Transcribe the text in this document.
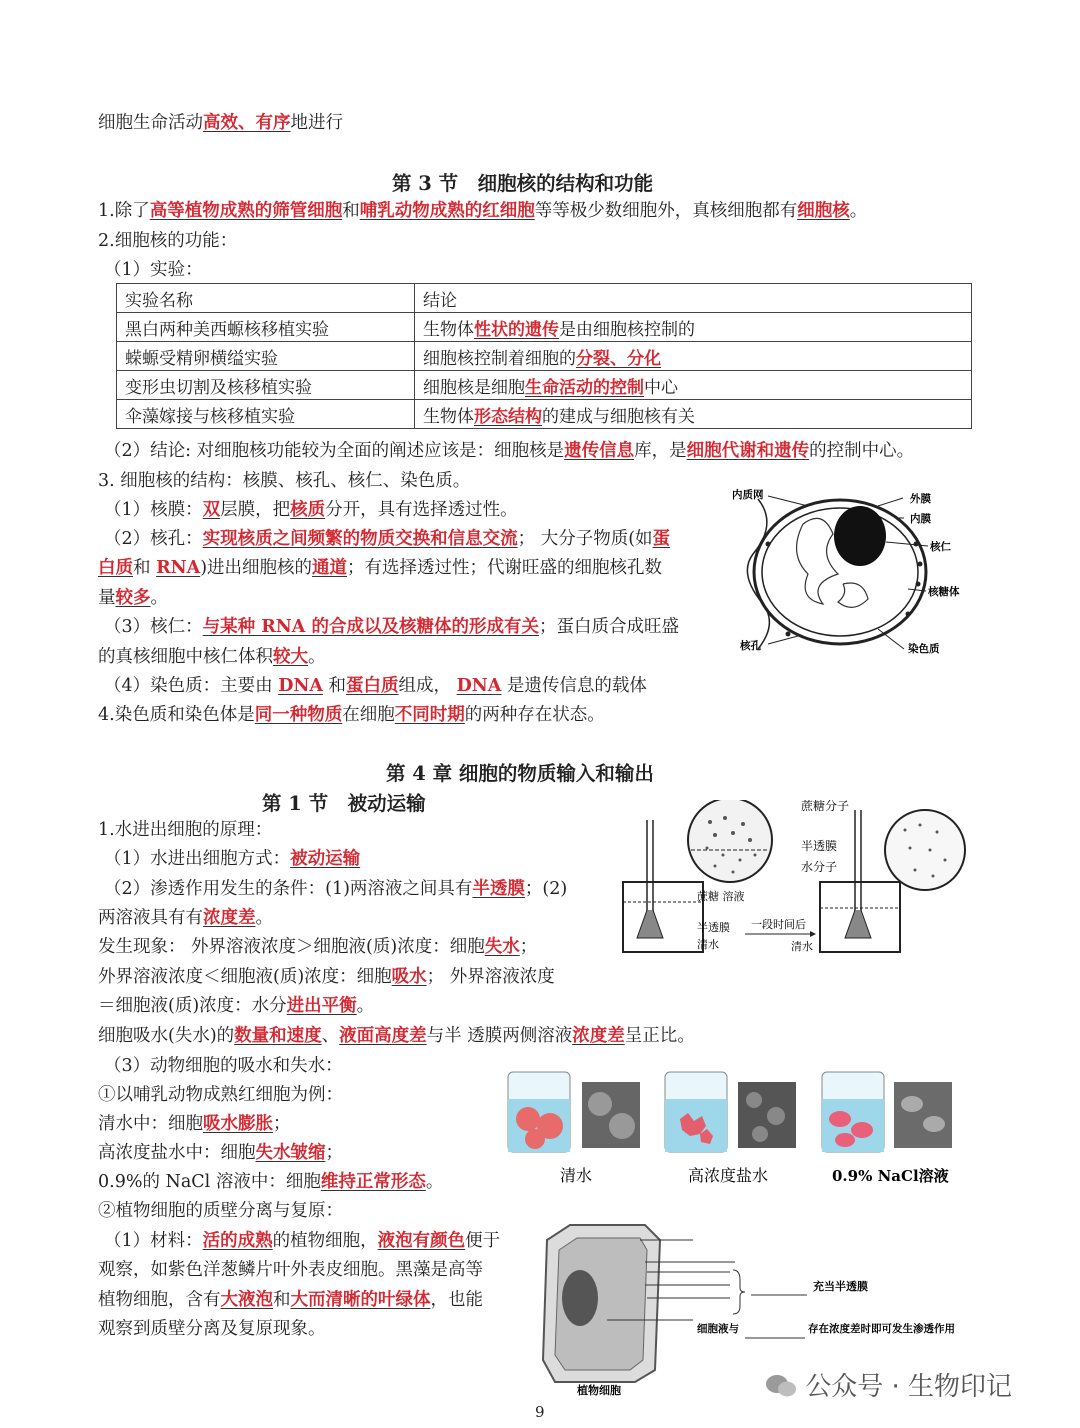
细胞生命活动高效、有序地进行
第 3 节　细胞核的结构和功能
1.除了高等植物成熟的筛管细胞和哺乳动物成熟的红细胞等等极少数细胞外，真核细胞都有细胞核。
2.细胞核的功能：
（1）实验：
实验名称	结论
黑白两种美西螈核移植实验	生物体性状的遗传是由细胞核控制的
蝾螈受精卵横缢实验	细胞核控制着细胞的分裂、分化
变形虫切割及核移植实验	细胞核是细胞生命活动的控制中心
伞藻嫁接与核移植实验	生物体形态结构的建成与细胞核有关
（2）结论: 对细胞核功能较为全面的阐述应该是：细胞核是遗传信息库，是细胞代谢和遗传的控制中心。
3. 细胞核的结构：核膜、核孔、核仁、染色质。
（1）核膜：双层膜，把核质分开，具有选择透过性。
（2）核孔：实现核质之间频繁的物质交换和信息交流； 大分子物质(如蛋
白质和 RNA)进出细胞核的通道；有选择透过性；代谢旺盛的细胞核孔数
量较多。
（3）核仁：与某种 RNA 的合成以及核糖体的形成有关；蛋白质合成旺盛
的真核细胞中核仁体积较大。
（4）染色质：主要由 DNA 和蛋白质组成， DNA 是遗传信息的载体
4.染色质和染色体是同一种物质在细胞不同时期的两种存在状态。
内质网	外膜
内膜
核仁
核糖体
核孔	染色质
第 4 章 细胞的物质输入和输出
第 1 节　被动运输
1.水进出细胞的原理：
（1）水进出细胞方式：被动运输
（2）渗透作用发生的条件：(1)两溶液之间具有半透膜；(2)
两溶液具有有浓度差。
发生现象： 外界溶液浓度＞细胞液(质)浓度：细胞失水；
外界溶液浓度＜细胞液(质)浓度：细胞吸水； 外界溶液浓度
＝细胞液(质)浓度：水分进出平衡。
细胞吸水(失水)的数量和速度、液面高度差与半 透膜两侧溶液浓度差呈正比。
蔗糖分子
半透膜
水分子
蔗糖 溶液
半透膜
清水
一段时间后
清水
（3）动物细胞的吸水和失水：
①以哺乳动物成熟红细胞为例：
清水中：细胞吸水膨胀；
高浓度盐水中：细胞失水皱缩；
0.9%的 NaCl 溶液中：细胞维持正常形态。	清水	高浓度盐水	0.9% NaCl溶液
②植物细胞的质壁分离与复原：
（1）材料：活的成熟的植物细胞，液泡有颜色便于
观察，如紫色洋葱鳞片叶外表皮细胞。黑藻是高等
植物细胞，含有大液泡和大而清晰的叶绿体，也能
观察到质壁分离及复原现象。
充当半透膜
细胞液与	存在浓度差时即可发生渗透作用
植物细胞
9
公众号 · 生物印记
